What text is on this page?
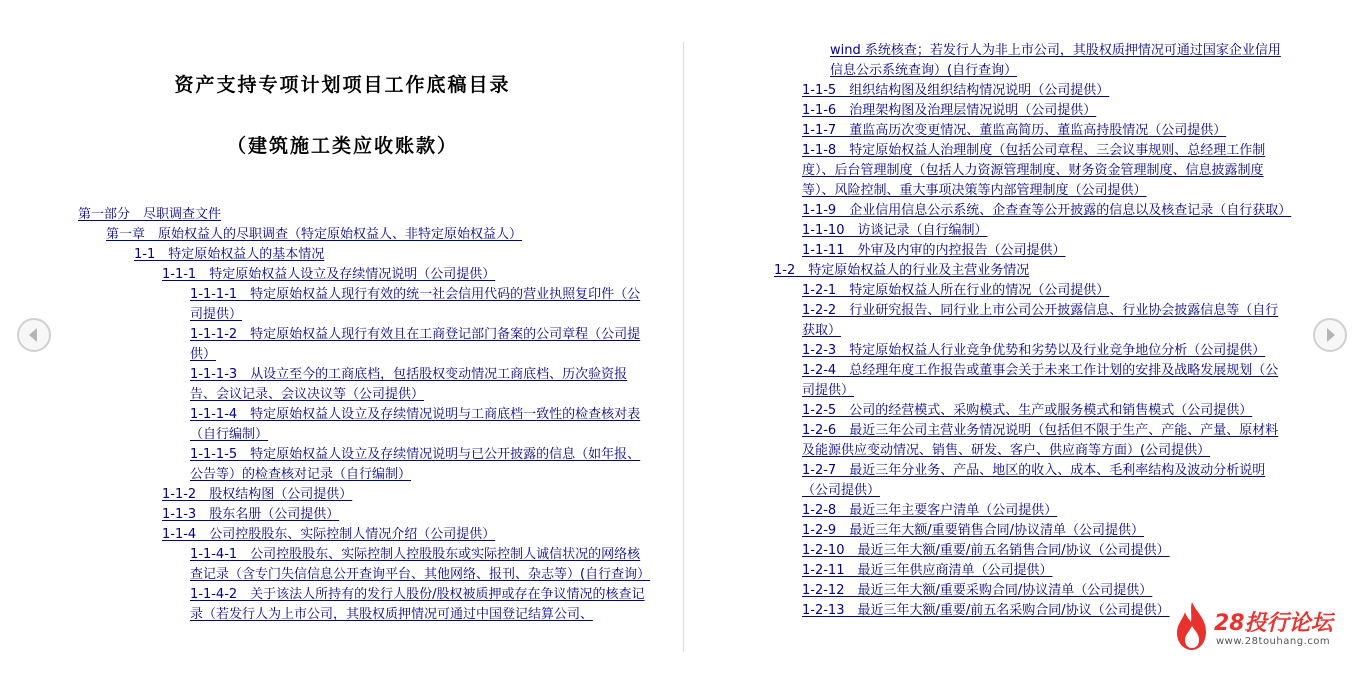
资产支持专项计划项目工作底稿目录
（建筑施工类应收账款）
第一部分　尽职调查文件
第一章　原始权益人的尽职调查（特定原始权益人、非特定原始权益人）
1-1　特定原始权益人的基本情况
1-1-1　特定原始权益人设立及存续情况说明（公司提供）
1-1-1-1　特定原始权益人现行有效的统一社会信用代码的营业执照复印件（公司提供）
1-1-1-2　特定原始权益人现行有效且在工商登记部门备案的公司章程（公司提供）
1-1-1-3　从设立至今的工商底档，包括股权变动情况工商底档、历次验资报告、会议记录、会议决议等（公司提供）
1-1-1-4　特定原始权益人设立及存续情况说明与工商底档一致性的检查核对表（自行编制）
1-1-1-5　特定原始权益人设立及存续情况说明与已公开披露的信息（如年报、公告等）的检查核对记录（自行编制）
1-1-2　股权结构图（公司提供）
1-1-3　股东名册（公司提供）
1-1-4　公司控股股东、实际控制人情况介绍（公司提供）
1-1-4-1　公司控股股东、实际控制人控股股东或实际控制人诚信状况的网络核查记录（含专门失信信息公开查询平台、其他网络、报刊、杂志等）(自行查询）
1-1-4-2　关于该法人所持有的发行人股份/股权被质押或存在争议情况的核查记录（若发行人为上市公司，其股权质押情况可通过中国登记结算公司、
wind 系统核查；若发行人为非上市公司，其股权质押情况可通过国家企业信用信息公示系统查询）(自行查询）
1-1-5　组织结构图及组织结构情况说明（公司提供）
1-1-6　治理架构图及治理层情况说明（公司提供）
1-1-7　董监高历次变更情况、董监高简历、董监高持股情况（公司提供）
1-1-8　特定原始权益人治理制度（包括公司章程、三会议事规则、总经理工作制度）、后台管理制度（包括人力资源管理制度、财务资金管理制度、信息披露制度等）、风险控制、重大事项决策等内部管理制度（公司提供）
1-1-9　企业信用信息公示系统、企查查等公开披露的信息以及核查记录（自行获取）
1-1-10　访谈记录（自行编制）
1-1-11　外审及内审的内控报告（公司提供）
1-2　特定原始权益人的行业及主营业务情况
1-2-1　特定原始权益人所在行业的情况（公司提供）
1-2-2　行业研究报告、同行业上市公司公开披露信息、行业协会披露信息等（自行获取）
1-2-3　特定原始权益人行业竞争优势和劣势以及行业竞争地位分析（公司提供）
1-2-4　总经理年度工作报告或董事会关于未来工作计划的安排及战略发展规划（公司提供）
1-2-5　公司的经营模式、采购模式、生产或服务模式和销售模式（公司提供）
1-2-6　最近三年公司主营业务情况说明（包括但不限于生产、产能、产量、原材料及能源供应变动情况、销售、研发、客户、供应商等方面）(公司提供）
1-2-7　最近三年分业务、产品、地区的收入、成本、毛利率结构及波动分析说明（公司提供）
1-2-8　最近三年主要客户清单（公司提供）
1-2-9　最近三年大额/重要销售合同/协议清单（公司提供）
1-2-10　最近三年大额/重要/前五名销售合同/协议（公司提供）
1-2-11　最近三年供应商清单（公司提供）
1-2-12　最近三年大额/重要采购合同/协议清单（公司提供）
1-2-13　最近三年大额/重要/前五名采购合同/协议（公司提供）
28投行论坛
www.28touhang.com
